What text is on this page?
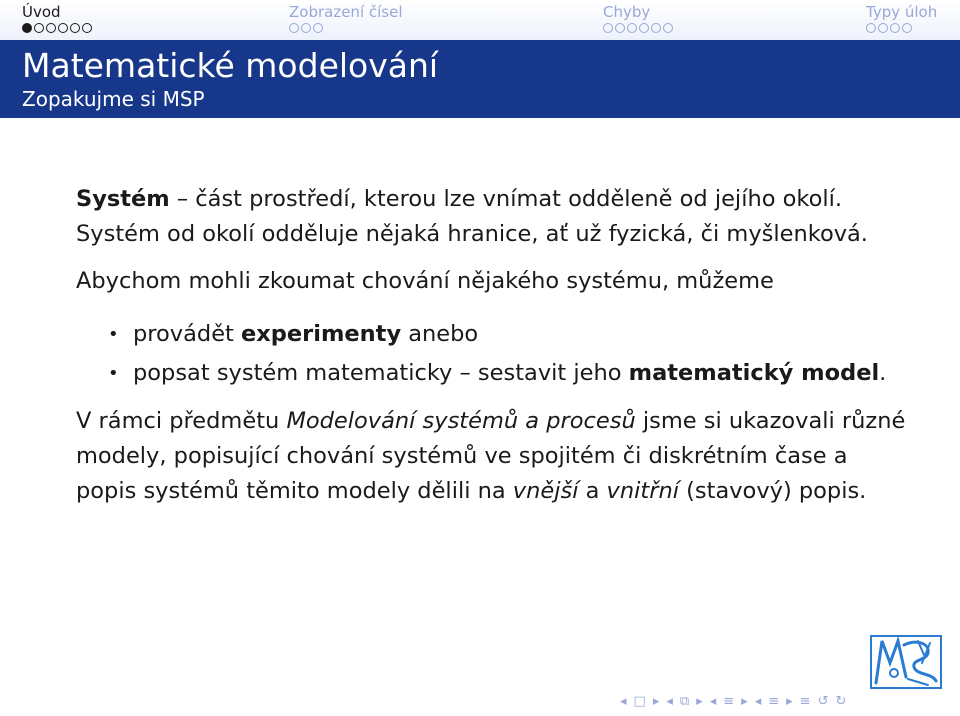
Úvod	Zobrazení čísel	Chyby	Typy úloh
Matematické modelování
Zopakujme si MSP

Systém – část prostředí, kterou lze vnímat odděleně od jejího okolí. Systém od okolí odděluje nějaká hranice, ať už fyzická, či myšlenková.

Abychom mohli zkoumat chování nějakého systému, můžeme

• provádět experimenty anebo
• popsat systém matematicky – sestavit jeho matematický model.

V rámci předmětu Modelování systémů a procesů jsme si ukazovali různé modely, popisující chování systémů ve spojitém či diskrétním čase a popis systémů těmito modely dělili na vnější a vnitřní (stavový) popis.

◂ □ ▸ ◂ ⧉ ▸ ◂ ≡ ▸ ◂ ≡ ▸ ≡ ↺ ↻
